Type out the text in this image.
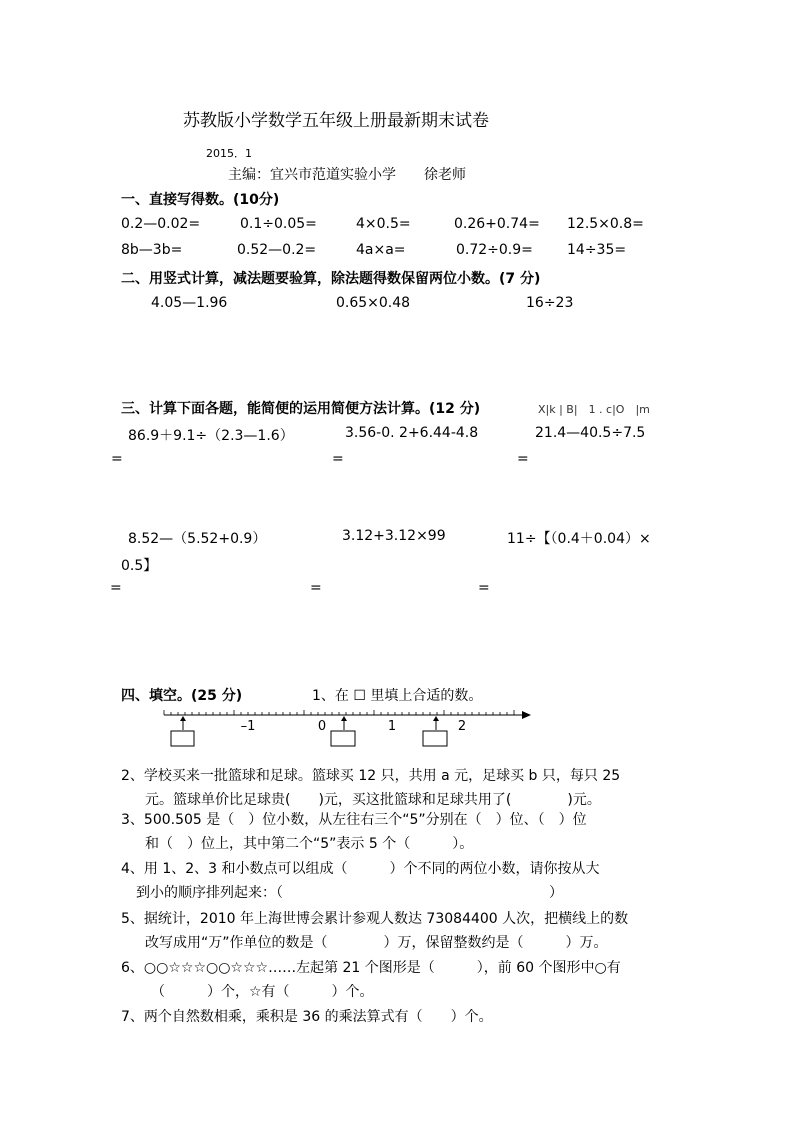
苏教版小学数学五年级上册最新期末试卷
2015．1
主编：宜兴市范道实验小学　　徐老师
一、直接写得数。(10分)
0.2—0.02=	0.1÷0.05=	4×0.5=	0.26+0.74= 12.5×0.8=
8b—3b=	0.52—0.2=	4a×a=	0.72÷0.9= 14÷35=
二、用竖式计算，减法题要验算，除法题得数保留两位小数。(7 分)
4.05—1.96	0.65×0.48	16÷23
三、计算下面各题，能简便的运用简便方法计算。(12 分)	X|k | B|　1 . c|O　|m
86.9＋9.1÷（2.3—1.6）	3.56-0. 2+6.44-4.8	21.4—40.5÷7.5
=	=	=
8.52—（5.52+0.9）	3.12+3.12×99	11÷【（0.4＋0.04）×
0.5】
=	=	=
四、填空。(25 分)	1、在 ☐ 里填上合适的数。
–1	0	1	2
2、学校买来一批篮球和足球。篮球买 12 只，共用 a 元，足球买 b 只，每只 25
元。篮球单价比足球贵(　　)元，买这批篮球和足球共用了(　　　　)元。
3、500.505 是（　）位小数，从左往右三个“5”分别在（　）位、（　）位
和（　）位上，其中第二个“5”表示 5 个（　　　）。
4、用 1、2、3 和小数点可以组成（　　　）个不同的两位小数，请你按从大
到小的顺序排列起来：（　　　　　　　　　　　　　　　　　　　）
5、据统计，2010 年上海世博会累计参观人数达 73084400 人次，把横线上的数
改写成用“万”作单位的数是（　　　　）万，保留整数约是（　　　）万。
6、○○☆☆☆○○☆☆☆……左起第 21 个图形是（　　　），前 60 个图形中○有
（　　　）个，☆有（　　　）个。
7、两个自然数相乘，乘积是 36 的乘法算式有（　　）个。
